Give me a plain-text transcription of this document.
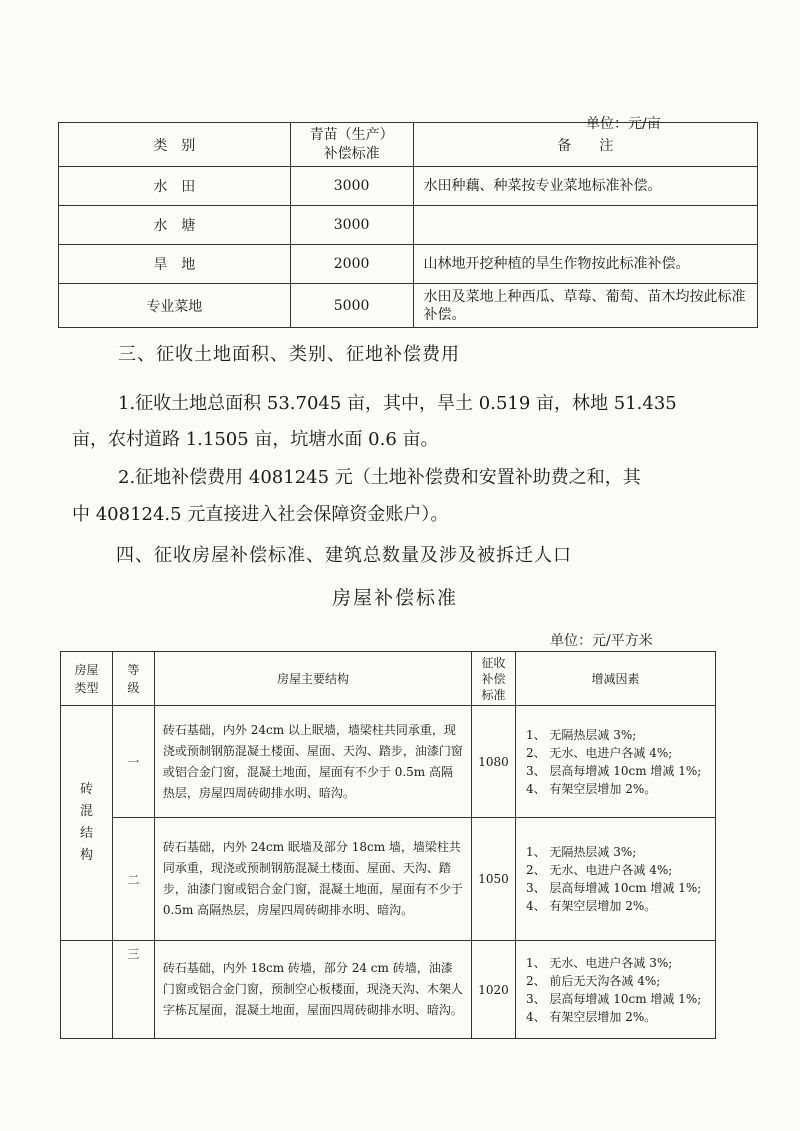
单位：元/亩
类　别	青苗（生产）补偿标准	备　　注
水　田	3000	水田种藕、种菜按专业菜地标准补偿。
水　塘	3000	
旱　地	2000	山林地开挖种植的旱生作物按此标准补偿。
专业菜地	5000	水田及菜地上种西瓜、草莓、葡萄、苗木均按此标准补偿。
三、征收土地面积、类别、征地补偿费用
1.征收土地总面积 53.7045 亩，其中，旱土 0.519 亩，林地 51.435
亩，农村道路 1.1505 亩，坑塘水面 0.6 亩。
2.征地补偿费用 4081245 元（土地补偿费和安置补助费之和，其
中 408124.5 元直接进入社会保障资金账户）。
四、征收房屋补偿标准、建筑总数量及涉及被拆迁人口
房屋补偿标准
单位：元/平方米
房屋类型	等级	房屋主要结构	征收补偿标准	增减因素
砖混结构	一	砖石基础，内外 24cm 以上眠墙，墙梁柱共同承重，现浇或预制钢筋混凝土楼面、屋面、天沟、踏步，油漆门窗或铝合金门窗，混凝土地面，屋面有不少于 0.5m 高隔热层，房屋四周砖砌排水明、暗沟。	1080	1、 无隔热层减 3%;
2、 无水、电进户各减 4%;
3、 层高每增减 10cm 增减 1%;
4、 有架空层增加 2%。

	二	砖石基础，内外 24cm 眠墙及部分 18cm 墙，墙梁柱共同承重，现浇或预制钢筋混凝土楼面、屋面、天沟、踏步，油漆门窗或铝合金门窗，混凝土地面，屋面有不少于 0.5m 高隔热层，房屋四周砖砌排水明、暗沟。	1050	1、 无隔热层减 3%;
2、 无水、电进户各减 4%;
3、 层高每增减 10cm 增减 1%;
4、 有架空层增加 2%。

	三	砖石基础，内外 18cm 砖墙，部分 24 cm 砖墙，油漆门窗或铝合金门窗，预制空心板楼面，现浇天沟、木架人字栋瓦屋面，混凝土地面，屋面四周砖砌排水明、暗沟。	1020	1、 无水、电进户各减 3%;
2、 前后无天沟各减 4%;
3、 层高每增减 10cm 增减 1%;
4、 有架空层增加 2%。
